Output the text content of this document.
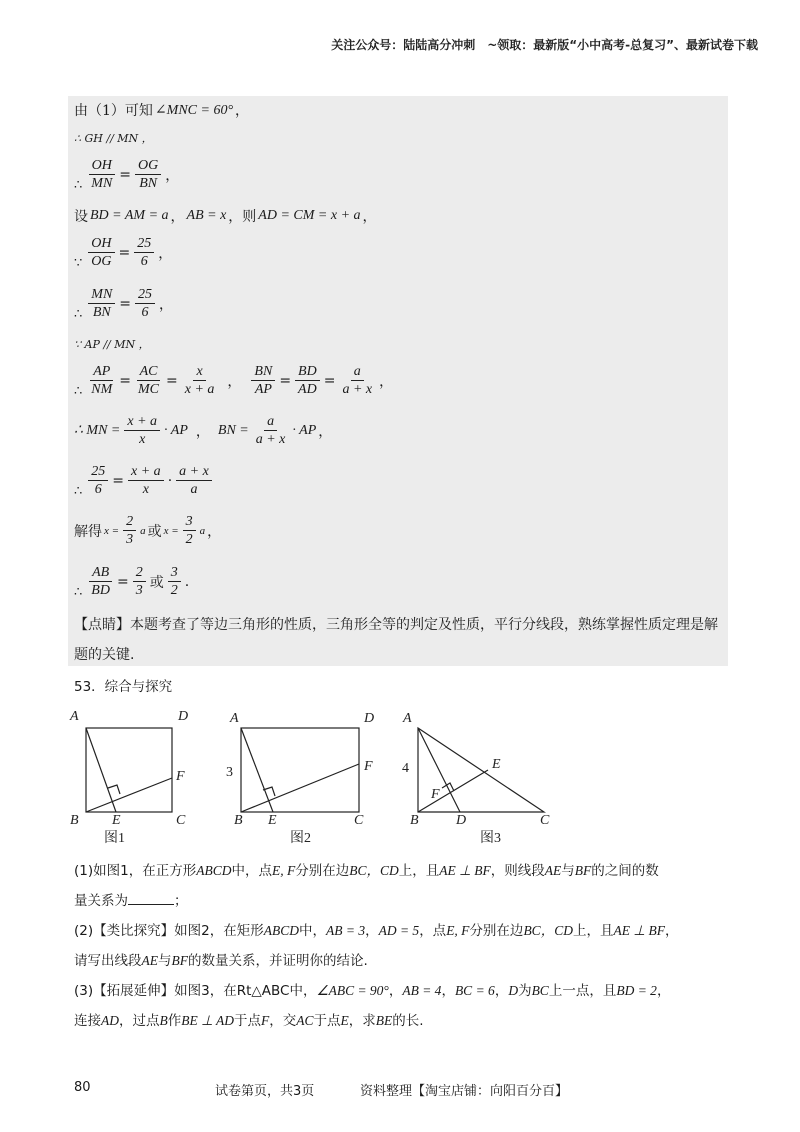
关注公众号：陆陆高分冲刺　~领取：最新版“小中高考-总复习”、最新试卷下载
由（1）可知 ∠MNC = 60° ，
∴ GH // MN ，
∴ $\frac{OH}{MN} = \frac{OG}{BN}$ ，
设 BD = AM = a ， AB = x ，则 AD = CM = x + a ，
∵ $\frac{OH}{OG} = \frac{25}{6}$ ，
∴ $\frac{MN}{BN} = \frac{25}{6}$ ，
∵ AP // MN ，
∴ $\frac{AP}{NM} = \frac{AC}{MC} = \frac{x}{x + a}$ ， $\frac{BN}{AP} = \frac{BD}{AD} = \frac{a}{a + x}$ ，
∴ MN = $\frac{x + a}{x}$ · AP ， BN = $\frac{a}{a + x}$ · AP ，
∴ $\frac{25}{6} = \frac{x + a}{x} \cdot \frac{a + x}{a}$
解得 $x = \frac{2}{3}$ a 或 $x = \frac{3}{2}$ a ，
∴ $\frac{AB}{BD} = \frac{2}{3}$ 或 $\frac{3}{2}$ .
【点睛】本题考查了等边三角形的性质，三角形全等的判定及性质，平行分线段，熟练掌握性质定理是解题的关键.
53．综合与探究
A	D
B E	C
F
图1
A	D
B E	C
F
3
图2
A
B	D	C
E
F
4
图3
(1)如图1，在正方形ABCD中，点E, F分别在边BC，CD上，且AE ⊥ BF，则线段AE与BF的之间的数
量关系为	；
(2)【类比探究】如图2，在矩形ABCD中，AB = 3，AD = 5，点E, F分别在边BC，CD上，且AE ⊥ BF，
请写出线段AE与BF的数量关系，并证明你的结论.
(3)【拓展延伸】如图3，在Rt△ABC中，∠ABC = 90°，AB = 4，BC = 6，D为BC上一点，且BD = 2，
连接AD，过点B作BE ⊥ AD于点F，交AC于点E，求BE的长.
80	试卷第页，共3页	资料整理【淘宝店铺：向阳百分百】
